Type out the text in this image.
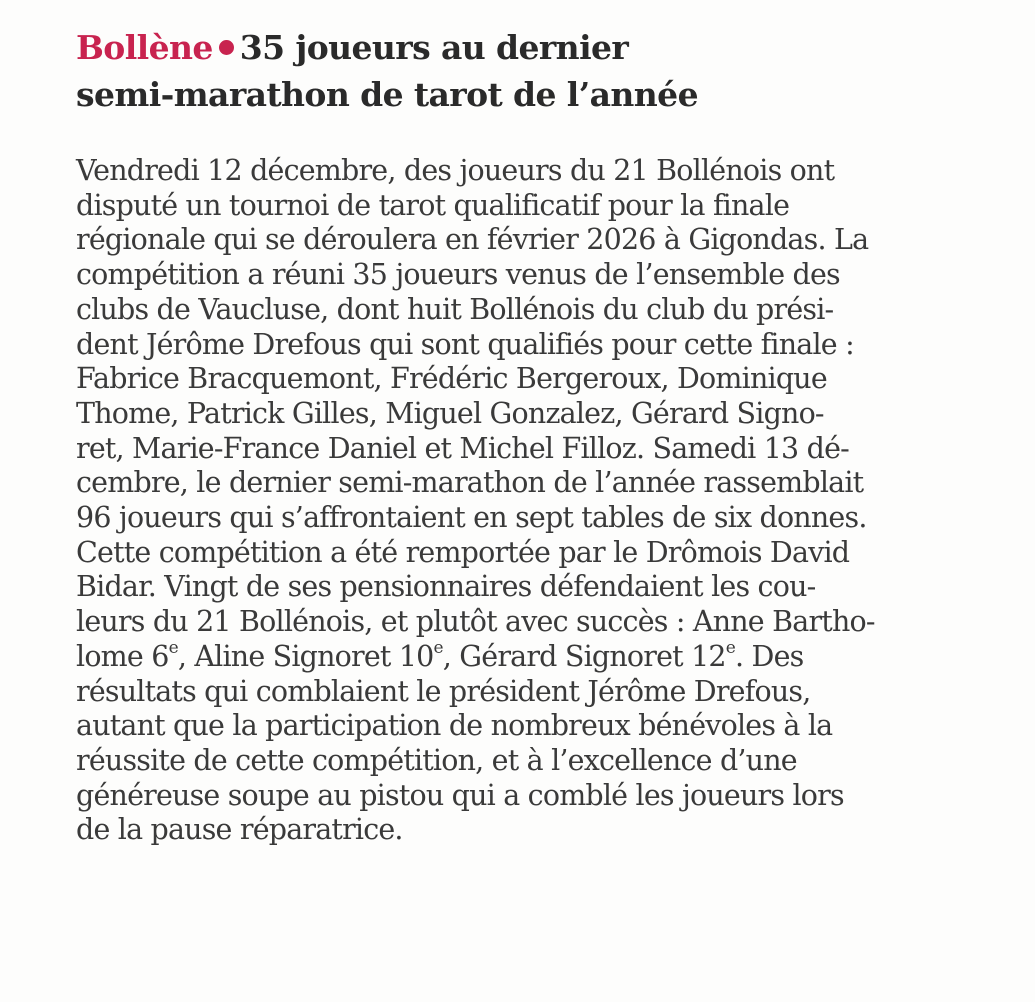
Bollène 35 joueurs au dernier
semi-marathon de tarot de l’année
Vendredi 12 décembre, des joueurs du 21 Bollénois ont
disputé un tournoi de tarot qualificatif pour la finale
régionale qui se déroulera en février 2026 à Gigondas. La
compétition a réuni 35 joueurs venus de l’ensemble des
clubs de Vaucluse, dont huit Bollénois du club du prési-
dent Jérôme Drefous qui sont qualifiés pour cette finale :
Fabrice Bracquemont, Frédéric Bergeroux, Dominique
Thome, Patrick Gilles, Miguel Gonzalez, Gérard Signo-
ret, Marie-France Daniel et Michel Filloz. Samedi 13 dé-
cembre, le dernier semi-marathon de l’année rassemblait
96 joueurs qui s’affrontaient en sept tables de six donnes.
Cette compétition a été remportée par le Drômois David
Bidar. Vingt de ses pensionnaires défendaient les cou-
leurs du 21 Bollénois, et plutôt avec succès : Anne Bartho-
lome 6e, Aline Signoret 10e, Gérard Signoret 12e. Des
résultats qui comblaient le président Jérôme Drefous,
autant que la participation de nombreux bénévoles à la
réussite de cette compétition, et à l’excellence d’une
généreuse soupe au pistou qui a comblé les joueurs lors
de la pause réparatrice.
